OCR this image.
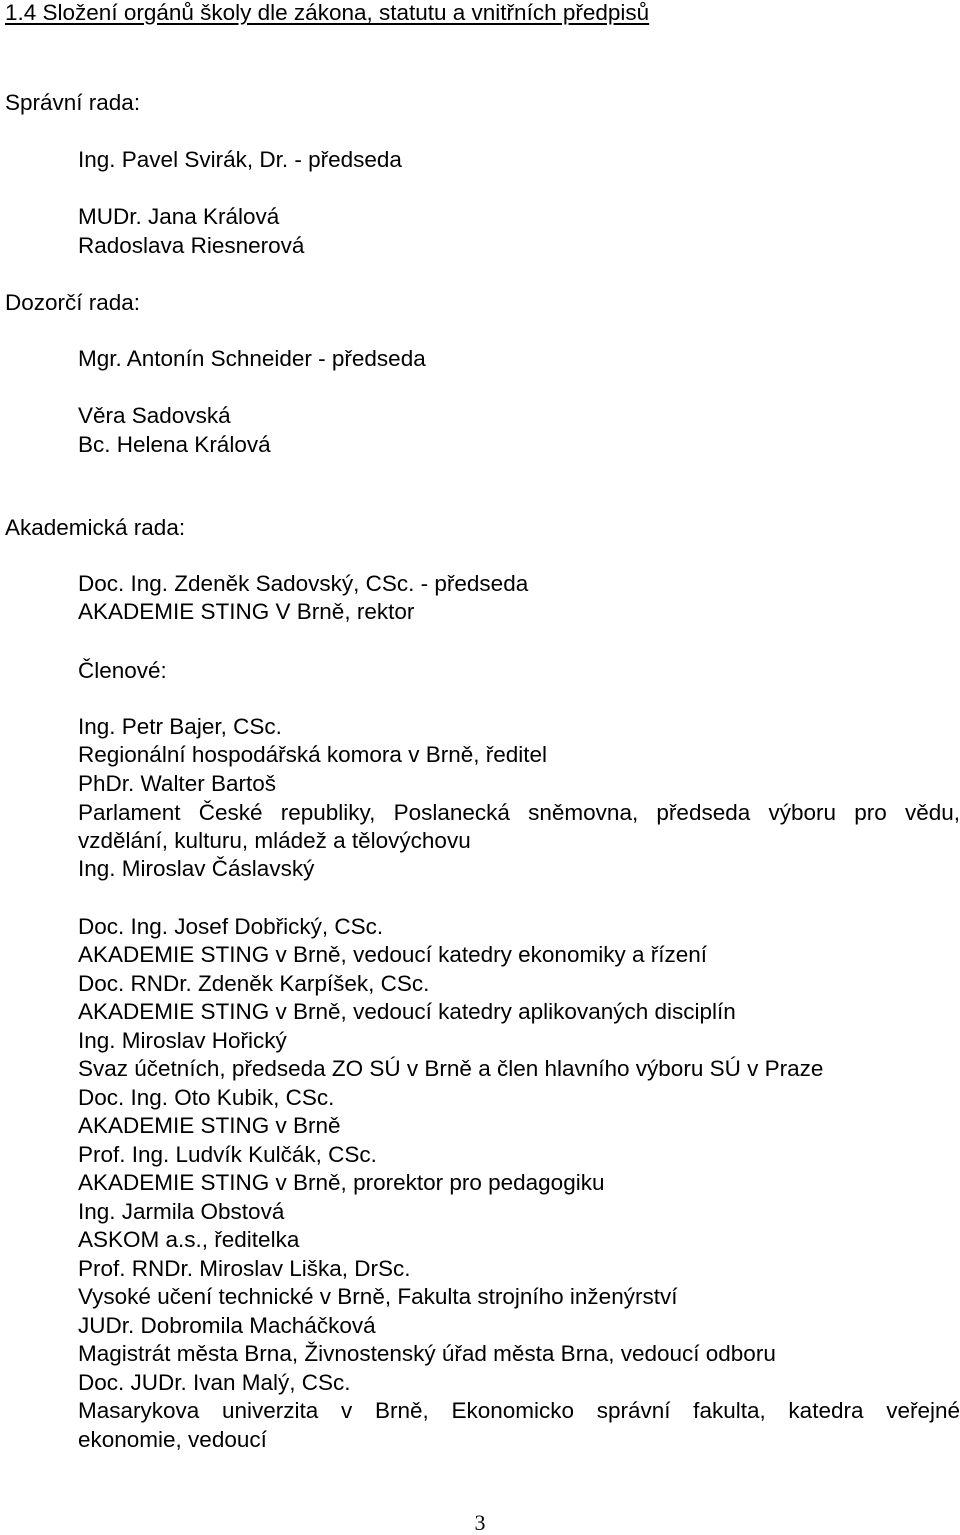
1.4 Složení orgánů školy dle zákona, statutu a vnitřních předpisů
Správní rada:
Ing. Pavel Svirák, Dr. - předseda
MUDr. Jana Králová
Radoslava Riesnerová
Dozorčí rada:
Mgr. Antonín Schneider - předseda
Věra Sadovská
Bc. Helena Králová
Akademická rada:
Doc. Ing. Zdeněk Sadovský, CSc. - předseda
AKADEMIE STING V Brně, rektor
Členové:
Ing. Petr Bajer, CSc.
Regionální hospodářská komora v Brně, ředitel
PhDr. Walter Bartoš
Parlament České republiky, Poslanecká sněmovna, předseda výboru pro vědu,
vzdělání, kulturu, mládež a tělovýchovu
Ing. Miroslav Čáslavský
Doc. Ing. Josef Dobřický, CSc.
AKADEMIE STING v Brně, vedoucí katedry ekonomiky a řízení
Doc. RNDr. Zdeněk Karpíšek, CSc.
AKADEMIE STING v Brně, vedoucí katedry aplikovaných disciplín
Ing. Miroslav Hořický
Svaz účetních, předseda ZO SÚ v Brně a člen hlavního výboru SÚ v Praze
Doc. Ing. Oto Kubik, CSc.
AKADEMIE STING v Brně
Prof. Ing. Ludvík Kulčák, CSc.
AKADEMIE STING v Brně, prorektor pro pedagogiku
Ing. Jarmila Obstová
ASKOM a.s., ředitelka
Prof. RNDr. Miroslav Liška, DrSc.
Vysoké učení technické v Brně, Fakulta strojního inženýrství
JUDr. Dobromila Macháčková
Magistrát města Brna, Živnostenský úřad města Brna, vedoucí odboru
Doc. JUDr. Ivan Malý, CSc.
Masarykova univerzita v Brně, Ekonomicko správní fakulta, katedra veřejné
ekonomie, vedoucí
3
